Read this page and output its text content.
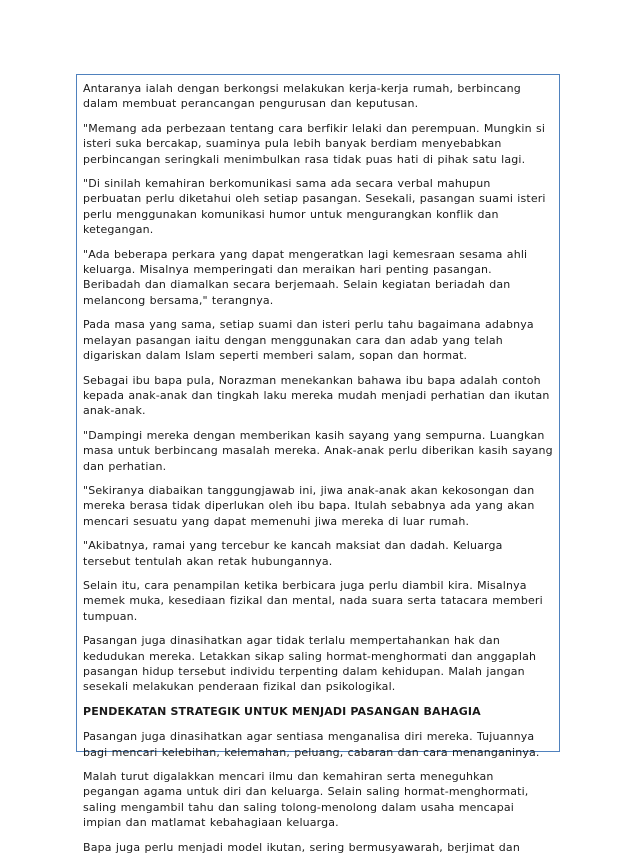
Antaranya ialah dengan berkongsi melakukan kerja-kerja rumah, berbincang dalam membuat perancangan pengurusan dan keputusan.

"Memang ada perbezaan tentang cara berfikir lelaki dan perempuan. Mungkin si isteri suka bercakap, suaminya pula lebih banyak berdiam menyebabkan perbincangan seringkali menimbulkan rasa tidak puas hati di pihak satu lagi.

"Di sinilah kemahiran berkomunikasi sama ada secara verbal mahupun perbuatan perlu diketahui oleh setiap pasangan. Sesekali, pasangan suami isteri perlu menggunakan komunikasi humor untuk mengurangkan konflik dan ketegangan.

"Ada beberapa perkara yang dapat mengeratkan lagi kemesraan sesama ahli keluarga. Misalnya memperingati dan meraikan hari penting pasangan. Beribadah dan diamalkan secara berjemaah. Selain kegiatan beriadah dan melancong bersama," terangnya.

Pada masa yang sama, setiap suami dan isteri perlu tahu bagaimana adabnya melayan pasangan iaitu dengan menggunakan cara dan adab yang telah digariskan dalam Islam seperti memberi salam, sopan dan hormat.

Sebagai ibu bapa pula, Norazman menekankan bahawa ibu bapa adalah contoh kepada anak-anak dan tingkah laku mereka mudah menjadi perhatian dan ikutan anak-anak.

"Dampingi mereka dengan memberikan kasih sayang yang sempurna. Luangkan masa untuk berbincang masalah mereka. Anak-anak perlu diberikan kasih sayang dan perhatian.

"Sekiranya diabaikan tanggungjawab ini, jiwa anak-anak akan kekosongan dan mereka berasa tidak diperlukan oleh ibu bapa. Itulah sebabnya ada yang akan mencari sesuatu yang dapat memenuhi jiwa mereka di luar rumah.

"Akibatnya, ramai yang tercebur ke kancah maksiat dan dadah. Keluarga tersebut tentulah akan retak hubungannya.

Selain itu, cara penampilan ketika berbicara juga perlu diambil kira. Misalnya memek muka, kesediaan fizikal dan mental, nada suara serta tatacara memberi tumpuan.

Pasangan juga dinasihatkan agar tidak terlalu mempertahankan hak dan kedudukan mereka. Letakkan sikap saling hormat-menghormati dan anggaplah pasangan hidup tersebut individu terpenting dalam kehidupan. Malah jangan sesekali melakukan penderaan fizikal dan psikologikal.

PENDEKATAN STRATEGIK UNTUK MENJADI PASANGAN BAHAGIA

Pasangan juga dinasihatkan agar sentiasa menganalisa diri mereka. Tujuannya bagi mencari kelebihan, kelemahan, peluang, cabaran dan cara menanganinya.

Malah turut digalakkan mencari ilmu dan kemahiran serta meneguhkan pegangan agama untuk diri dan keluarga. Selain saling hormat-menghormati, saling mengambil tahu dan saling tolong-menolong dalam usaha mencapai impian dan matlamat kebahagiaan keluarga.

Bapa juga perlu menjadi model ikutan, sering bermusyawarah, berjimat dan
